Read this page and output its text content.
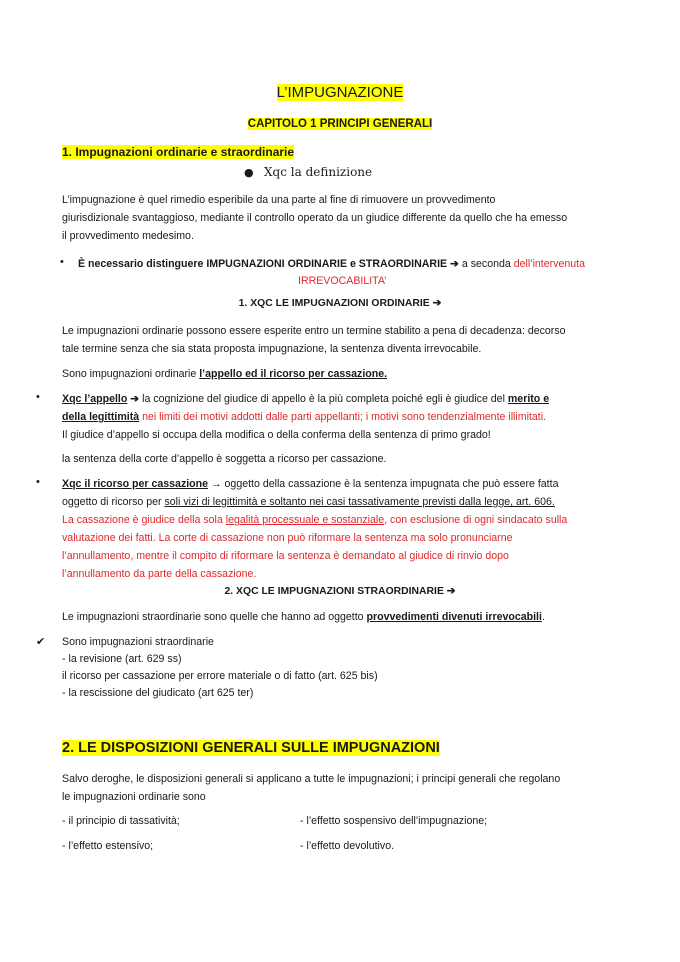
L’IMPUGNAZIONE
CAPITOLO 1 PRINCIPI GENERALI
1. Impugnazioni ordinarie e straordinarie
● Xqc la definizione
L’impugnazione è quel rimedio esperibile da una parte al fine di rimuovere un provvedimento
giurisdizionale svantaggioso, mediante il controllo operato da un giudice differente da quello che ha emesso
il provvedimento medesimo.
• È necessario distinguere IMPUGNAZIONI ORDINARIE e STRAORDINARIE ➔ a seconda dell’intervenuta
IRREVOCABILITA’
1. XQC LE IMPUGNAZIONI ORDINARIE ➔
Le impugnazioni ordinarie possono essere esperite entro un termine stabilito a pena di decadenza: decorso
tale termine senza che sia stata proposta impugnazione, la sentenza diventa irrevocabile.
Sono impugnazioni ordinarie l’appello ed il ricorso per cassazione.
• Xqc l’appello ➔ la cognizione del giudice di appello è la più completa poiché egli è giudice del merito e
della legittimità nei limiti dei motivi addotti dalle parti appellanti; i motivi sono tendenzialmente illimitati.
Il giudice d’appello si occupa della modifica o della conferma della sentenza di primo grado!
la sentenza della corte d’appello è soggetta a ricorso per cassazione.
• Xqc il ricorso per cassazione → oggetto della cassazione è la sentenza impugnata che può essere fatta
oggetto di ricorso per soli vizi di legittimità e soltanto nei casi tassativamente previsti dalla legge, art. 606.
La cassazione è giudice della sola legalità processuale e sostanziale, con esclusione di ogni sindacato sulla
valutazione dei fatti. La corte di cassazione non può riformare la sentenza ma solo pronunciarne
l’annullamento, mentre il compito di riformare la sentenza è demandato al giudice di rinvio dopo
l’annullamento da parte della cassazione.
2. XQC LE IMPUGNAZIONI STRAORDINARIE ➔
Le impugnazioni straordinarie sono quelle che hanno ad oggetto provvedimenti divenuti irrevocabili.
✔ Sono impugnazioni straordinarie
- la revisione (art. 629 ss)
il ricorso per cassazione per errore materiale o di fatto (art. 625 bis)
- la rescissione del giudicato (art 625 ter)
2. LE DISPOSIZIONI GENERALI SULLE IMPUGNAZIONI
Salvo deroghe, le disposizioni generali si applicano a tutte le impugnazioni; i principi generali che regolano
le impugnazioni ordinarie sono
- il principio di tassatività;	- l’effetto sospensivo dell’impugnazione;
- l’effetto estensivo;	- l’effetto devolutivo.
